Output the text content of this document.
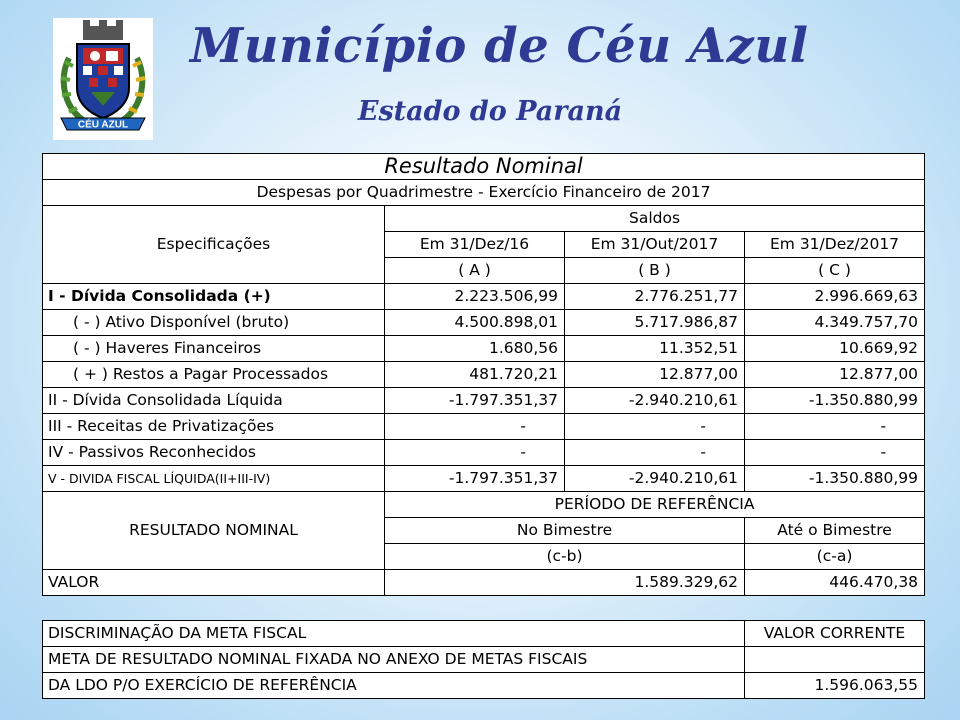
CÉU AZUL
Município de Céu Azul
Estado do Paraná
Resultado Nominal			
Despesas por Quadrimestre - Exercício Financeiro de 2017			
Especificações	Saldos		
	Em 31/Dez/16	Em 31/Out/2017	Em 31/Dez/2017
	( A )	( B )	( C )
I - Dívida Consolidada (+)	2.223.506,99	2.776.251,77	2.996.669,63
( - ) Ativo Disponível (bruto)	4.500.898,01	5.717.986,87	4.349.757,70
( - ) Haveres Financeiros	1.680,56	11.352,51	10.669,92
( + ) Restos a Pagar Processados	481.720,21	12.877,00	12.877,00
II - Dívida Consolidada Líquida	-1.797.351,37	-2.940.210,61	-1.350.880,99
III - Receitas de Privatizações	-	-	-
IV - Passivos Reconhecidos	-	-	-
V - DIVIDA FISCAL LÍQUIDA(II+III-IV)	-1.797.351,37	-2.940.210,61	-1.350.880,99
RESULTADO NOMINAL	PERÍODO DE REFERÊNCIA		
	No Bimestre		Até o Bimestre
	(c-b)		(c-a)
VALOR	1.589.329,62		446.470,38
DISCRIMINAÇÃO DA META FISCAL	VALOR CORRENTE
META DE RESULTADO NOMINAL FIXADA NO ANEXO DE METAS FISCAIS	
DA LDO P/O EXERCÍCIO DE REFERÊNCIA	1.596.063,55
